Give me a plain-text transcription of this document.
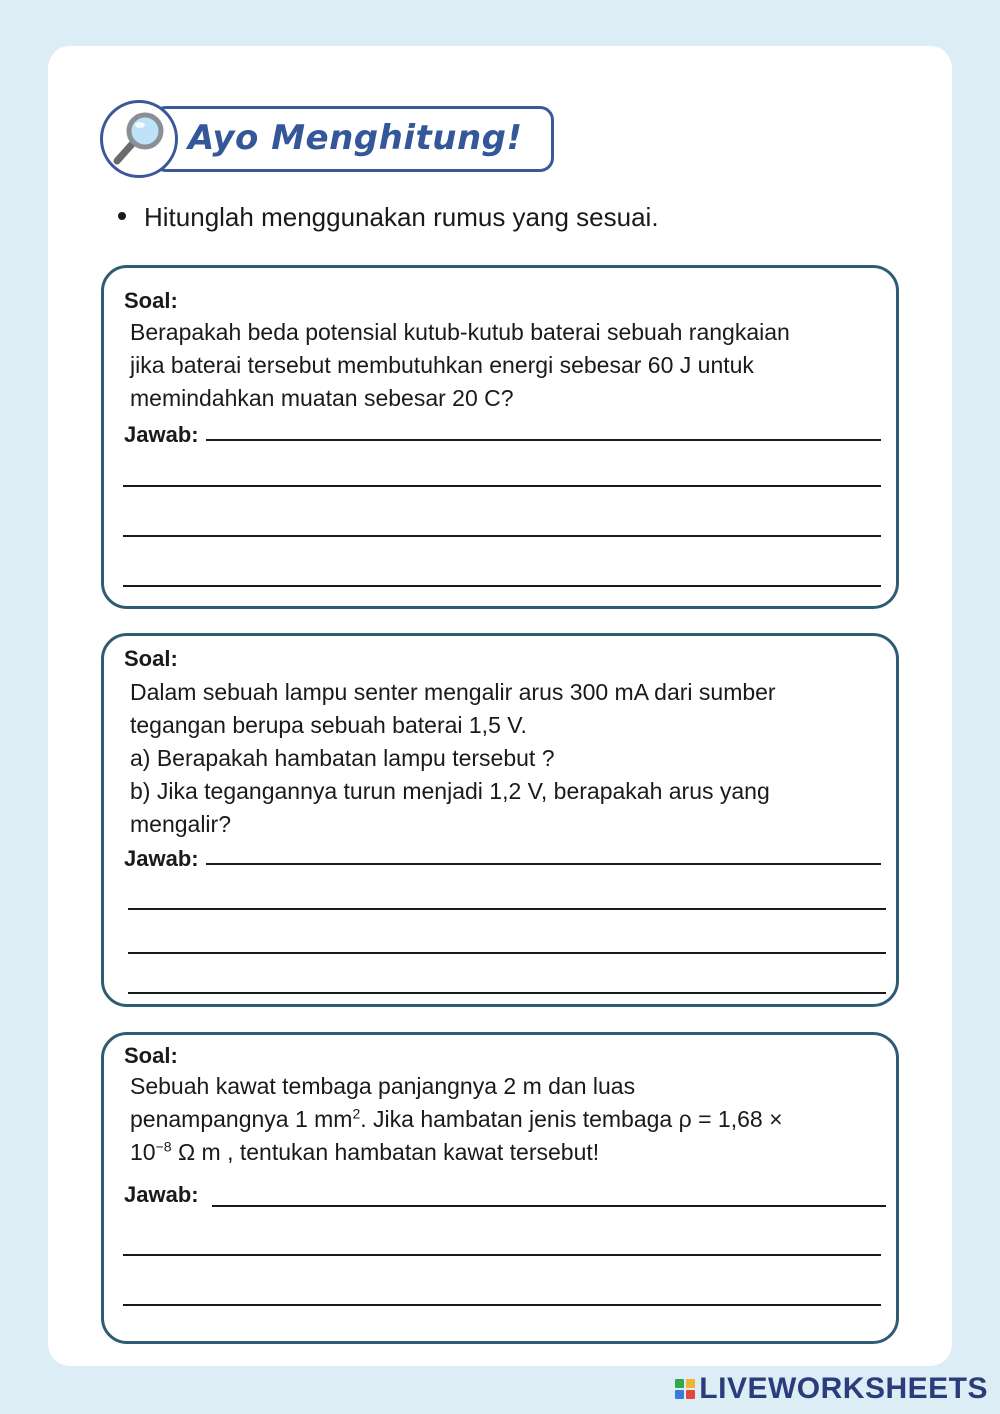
Ayo Menghitung!
Hitunglah menggunakan rumus yang sesuai.
Soal:
Berapakah beda potensial kutub-kutub baterai sebuah rangkaian
jika baterai tersebut membutuhkan energi sebesar 60 J untuk
memindahkan muatan sebesar 20 C?
Jawab:
Soal:
Dalam sebuah lampu senter mengalir arus 300 mA dari sumber
tegangan berupa sebuah baterai 1,5 V.
a) Berapakah hambatan lampu tersebut ?
b) Jika tegangannya turun menjadi 1,2 V, berapakah arus yang
mengalir?
Jawab:
Soal:
Sebuah kawat tembaga panjangnya 2 m dan luas
penampangnya 1 $mm^2$. Jika hambatan jenis tembaga ρ = 1,68 ×
$10^{-8}$ Ω m , tentukan hambatan kawat tersebut!
Jawab:
LIVEWORKSHEETS
